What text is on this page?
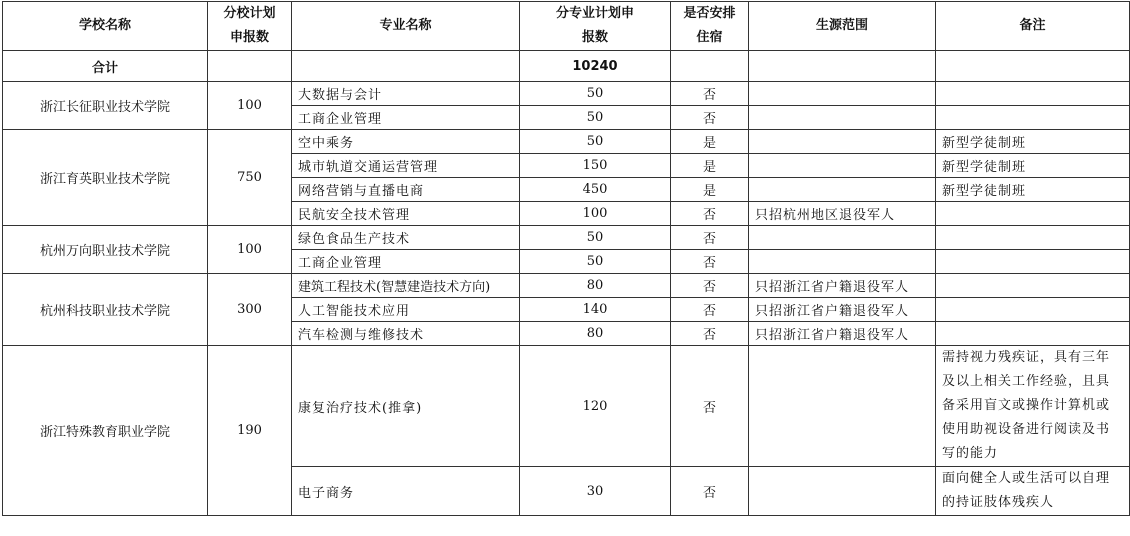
学校名称	分校计划申报数	专业名称	分专业计划申报数	是否安排住宿	生源范围	备注
合计			10240			
浙江长征职业技术学院	100	大数据与会计	50	否		
		工商企业管理	50	否		
浙江育英职业技术学院	750	空中乘务	50	是		新型学徒制班
		城市轨道交通运营管理	150	是		新型学徒制班
		网络营销与直播电商	450	是		新型学徒制班
		民航安全技术管理	100	否	只招杭州地区退役军人	
杭州万向职业技术学院	100	绿色食品生产技术	50	否		
		工商企业管理	50	否		
杭州科技职业技术学院	300	建筑工程技术(智慧建造技术方向)	80	否	只招浙江省户籍退役军人	
		人工智能技术应用	140	否	只招浙江省户籍退役军人	
		汽车检测与维修技术	80	否	只招浙江省户籍退役军人	
浙江特殊教育职业学院	190	康复治疗技术(推拿)	120	否		需持视力残疾证，具有三年及以上相关工作经验，且具备采用盲文或操作计算机或使用助视设备进行阅读及书写的能力
		电子商务	30	否		面向健全人或生活可以自理的持证肢体残疾人
